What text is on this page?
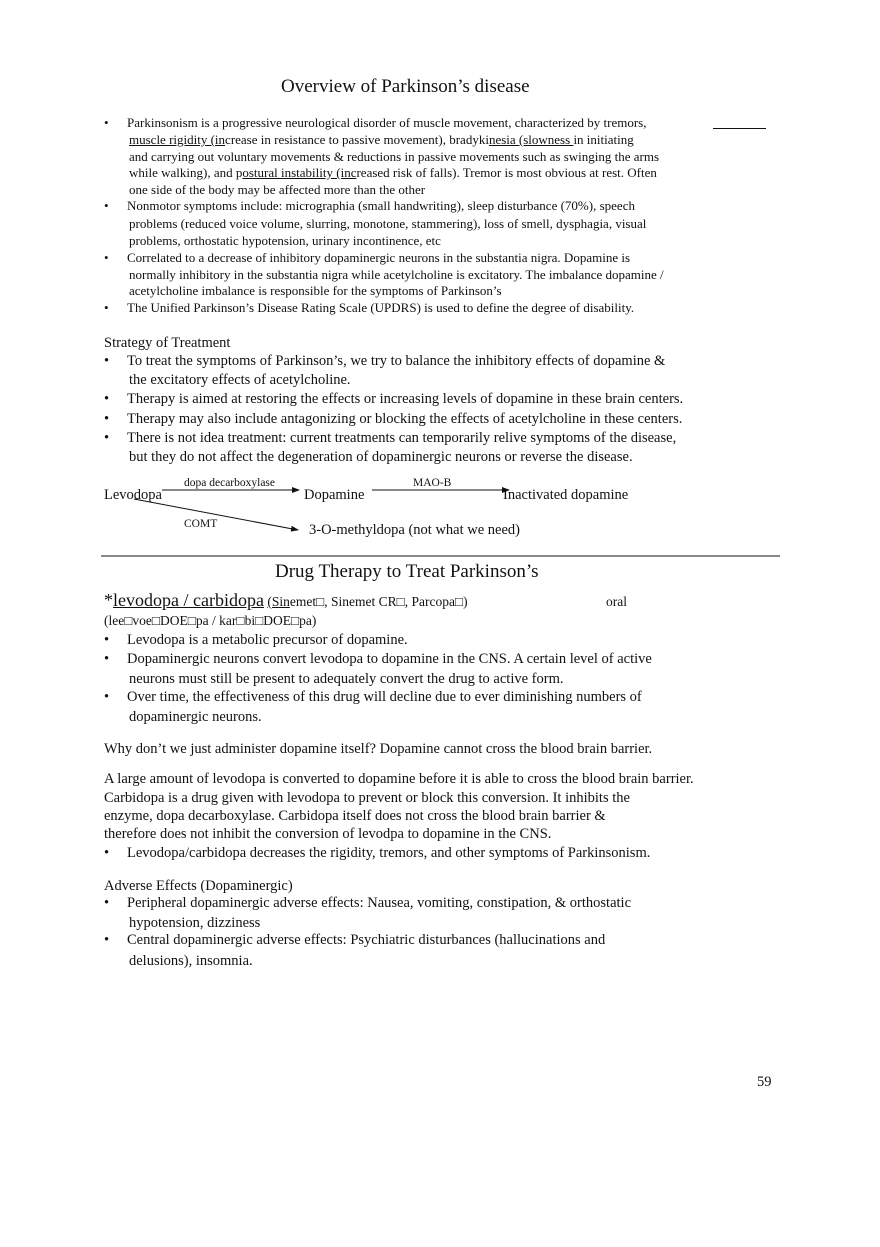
Overview of Parkinson’s disease
• Parkinsonism is a progressive neurological disorder of muscle movement, characterized by tremors,
muscle rigidity (increase in resistance to passive movement), bradykinesia (slowness in initiating
and carrying out voluntary movements & reductions in passive movements such as swinging the arms
while walking), and postural instability (increased risk of falls). Tremor is most obvious at rest. Often
one side of the body may be affected more than the other
• Nonmotor symptoms include: micrographia (small handwriting), sleep disturbance (70%), speech
problems (reduced voice volume, slurring, monotone, stammering), loss of smell, dysphagia, visual
problems, orthostatic hypotension, urinary incontinence, etc
• Correlated to a decrease of inhibitory dopaminergic neurons in the substantia nigra. Dopamine is
normally inhibitory in the substantia nigra while acetylcholine is excitatory. The imbalance dopamine /
acetylcholine imbalance is responsible for the symptoms of Parkinson’s
• The Unified Parkinson’s Disease Rating Scale (UPDRS) is used to define the degree of disability.
Strategy of Treatment
• To treat the symptoms of Parkinson’s, we try to balance the inhibitory effects of dopamine &
the excitatory effects of acetylcholine.
• Therapy is aimed at restoring the effects or increasing levels of dopamine in these brain centers.
• Therapy may also include antagonizing or blocking the effects of acetylcholine in these centers.
• There is not idea treatment: current treatments can temporarily relive symptoms of the disease,
but they do not affect the degeneration of dopaminergic neurons or reverse the disease.
Levodopa
dopa decarboxylase
Dopamine
MAO-B
Inactivated dopamine
COMT	3-O-methyldopa (not what we need)
Drug Therapy to Treat Parkinson’s
*levodopa / carbidopa (Sinemet□, Sinemet CR□, Parcopa□)	oral
(lee□voe□DOE□pa / kar□bi□DOE□pa)
• Levodopa is a metabolic precursor of dopamine.
• Dopaminergic neurons convert levodopa to dopamine in the CNS. A certain level of active
neurons must still be present to adequately convert the drug to active form.
• Over time, the effectiveness of this drug will decline due to ever diminishing numbers of
dopaminergic neurons.
Why don’t we just administer dopamine itself? Dopamine cannot cross the blood brain barrier.
A large amount of levodopa is converted to dopamine before it is able to cross the blood brain barrier.
Carbidopa is a drug given with levodopa to prevent or block this conversion. It inhibits the
enzyme, dopa decarboxylase. Carbidopa itself does not cross the blood brain barrier &
therefore does not inhibit the conversion of levodpa to dopamine in the CNS.
• Levodopa/carbidopa decreases the rigidity, tremors, and other symptoms of Parkinsonism.
Adverse Effects (Dopaminergic)
• Peripheral dopaminergic adverse effects: Nausea, vomiting, constipation, & orthostatic
hypotension, dizziness
• Central dopaminergic adverse effects: Psychiatric disturbances (hallucinations and
delusions), insomnia.
59
